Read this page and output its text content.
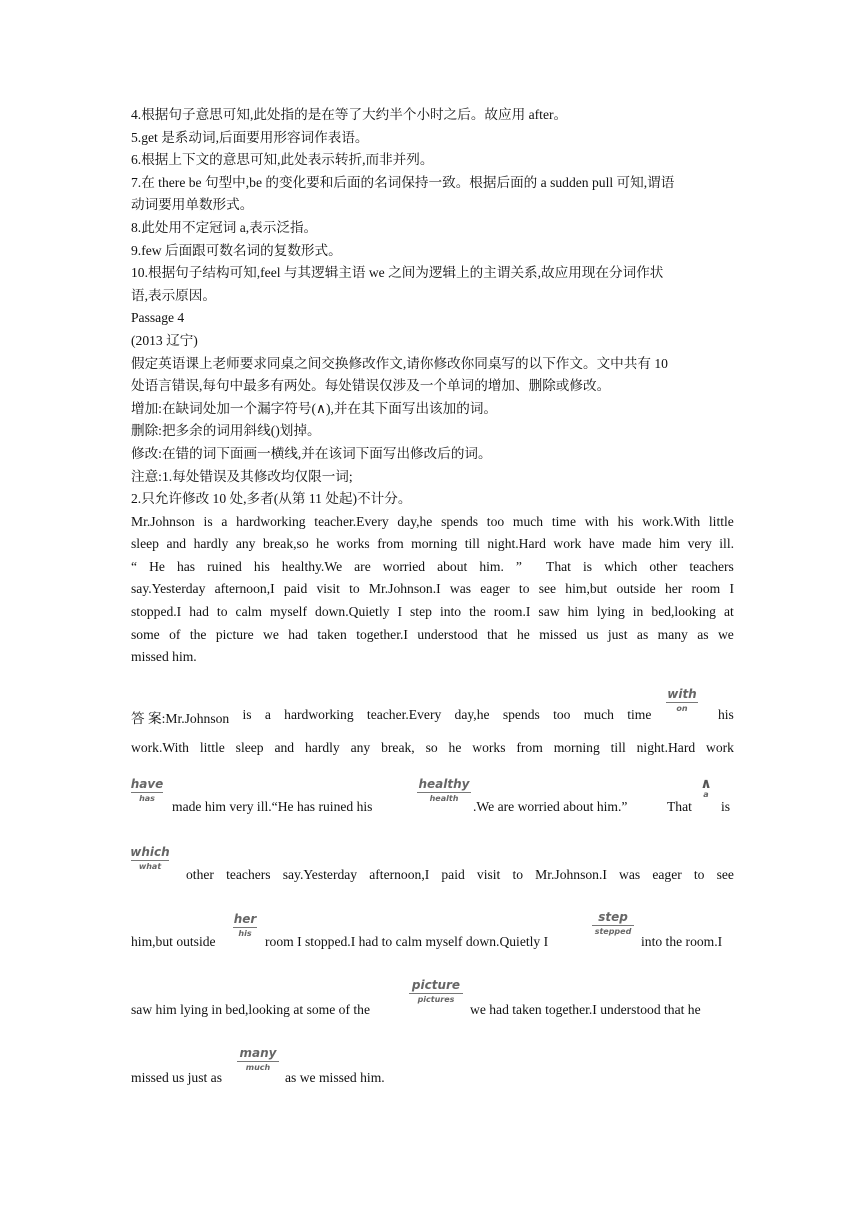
4.根据句子意思可知,此处指的是在等了大约半个小时之后。故应用 after。
5.get 是系动词,后面要用形容词作表语。
6.根据上下文的意思可知,此处表示转折,而非并列。
7.在 there be 句型中,be 的变化要和后面的名词保持一致。根据后面的 a sudden pull 可知,谓语
动词要用单数形式。
8.此处用不定冠词 a,表示泛指。
9.few 后面跟可数名词的复数形式。
10.根据句子结构可知,feel 与其逻辑主语 we 之间为逻辑上的主谓关系,故应用现在分词作状
语,表示原因。
Passage 4
(2013 辽宁)
假定英语课上老师要求同桌之间交换修改作文,请你修改你同桌写的以下作文。文中共有 10
处语言错误,每句中最多有两处。每处错误仅涉及一个单词的增加、删除或修改。
增加:在缺词处加一个漏字符号(∧),并在其下面写出该加的词。
删除:把多余的词用斜线()划掉。
修改:在错的词下面画一横线,并在该词下面写出修改后的词。
注意:1.每处错误及其修改均仅限一词;
2.只允许修改 10 处,多者(从第 11 处起)不计分。
Mr.Johnson is a hardworking teacher.Every day,he spends too much time with his work.With little
sleep and hardly any break,so he works from morning till night.Hard work have made him very ill.
“ He has ruined his healthy.We are worried about him. ” That is which other teachers
say.Yesterday afternoon,I paid visit to Mr.Johnson.I was eager to see him,but outside her room I
stopped.I had to calm myself down.Quietly I step into the room.I saw him lying in bed,looking at
some of the picture we had taken together.I understood that he missed us just as many as we
missed him.
答 案:Mr.Johnson is a hardworking teacher.Every day,he spends too much time	his
with
on
work.With little sleep and hardly any break, so he works from morning till night.Hard work
have
has
made him very ill.“He has ruined his
healthy
health
.We are worried about him.”	That
∧
a
is
which
what
other teachers say.Yesterday afternoon,I paid visit to Mr.Johnson.I was eager to see
him,but outside
her
his
room I stopped.I had to calm myself down.Quietly I
step
stepped
into the room.I
saw him lying in bed,looking at some of the
picture
pictures
we had taken together.I understood that he
missed us just as
many
much
as we missed him.
